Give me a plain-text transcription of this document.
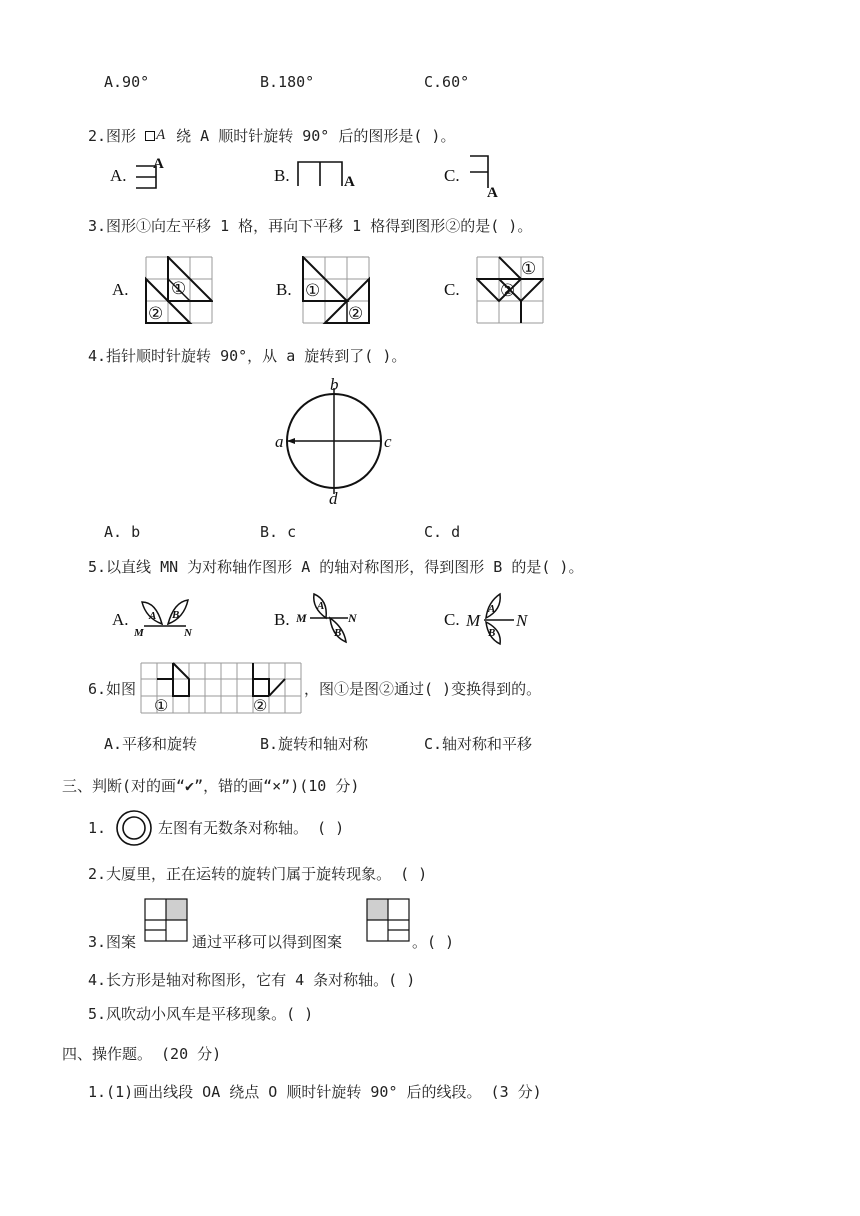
A.90°	B.180°	C.60°
2.图形 A 绕 A 顺时针旋转 90° 后的图形是( )。
A.
A
B.	A	C.
A
3.图形①向左平移 1 格，再向下平移 1 格得到图形②的是( )。
A. ①
②
B. ①
②
C.
①
②
4.指针顺时针旋转 90°，从 a 旋转到了( )。
b
a	c
d
A. b	B. c	C. d
5.以直线 MN 为对称轴作图形 A 的轴对称图形，得到图形 B 的是( )。
A. A B
M	N
B.
A
B
M	N	C.
A
B
M N
6.如图
①	②
，图①是图②通过( )变换得到的。
A.平移和旋转	B.旋转和轴对称	C.轴对称和平移
三、判断(对的画“✔”，错的画“×”)(10 分)
1.	左图有无数条对称轴。 ( )
2.大厦里，正在运转的旋转门属于旋转现象。 ( )
3.图案	通过平移可以得到图案	。( )
4.长方形是轴对称图形，它有 4 条对称轴。( )
5.风吹动小风车是平移现象。( )
四、操作题。 (20 分)
1.(1)画出线段 OA 绕点 O 顺时针旋转 90° 后的线段。 (3 分)
